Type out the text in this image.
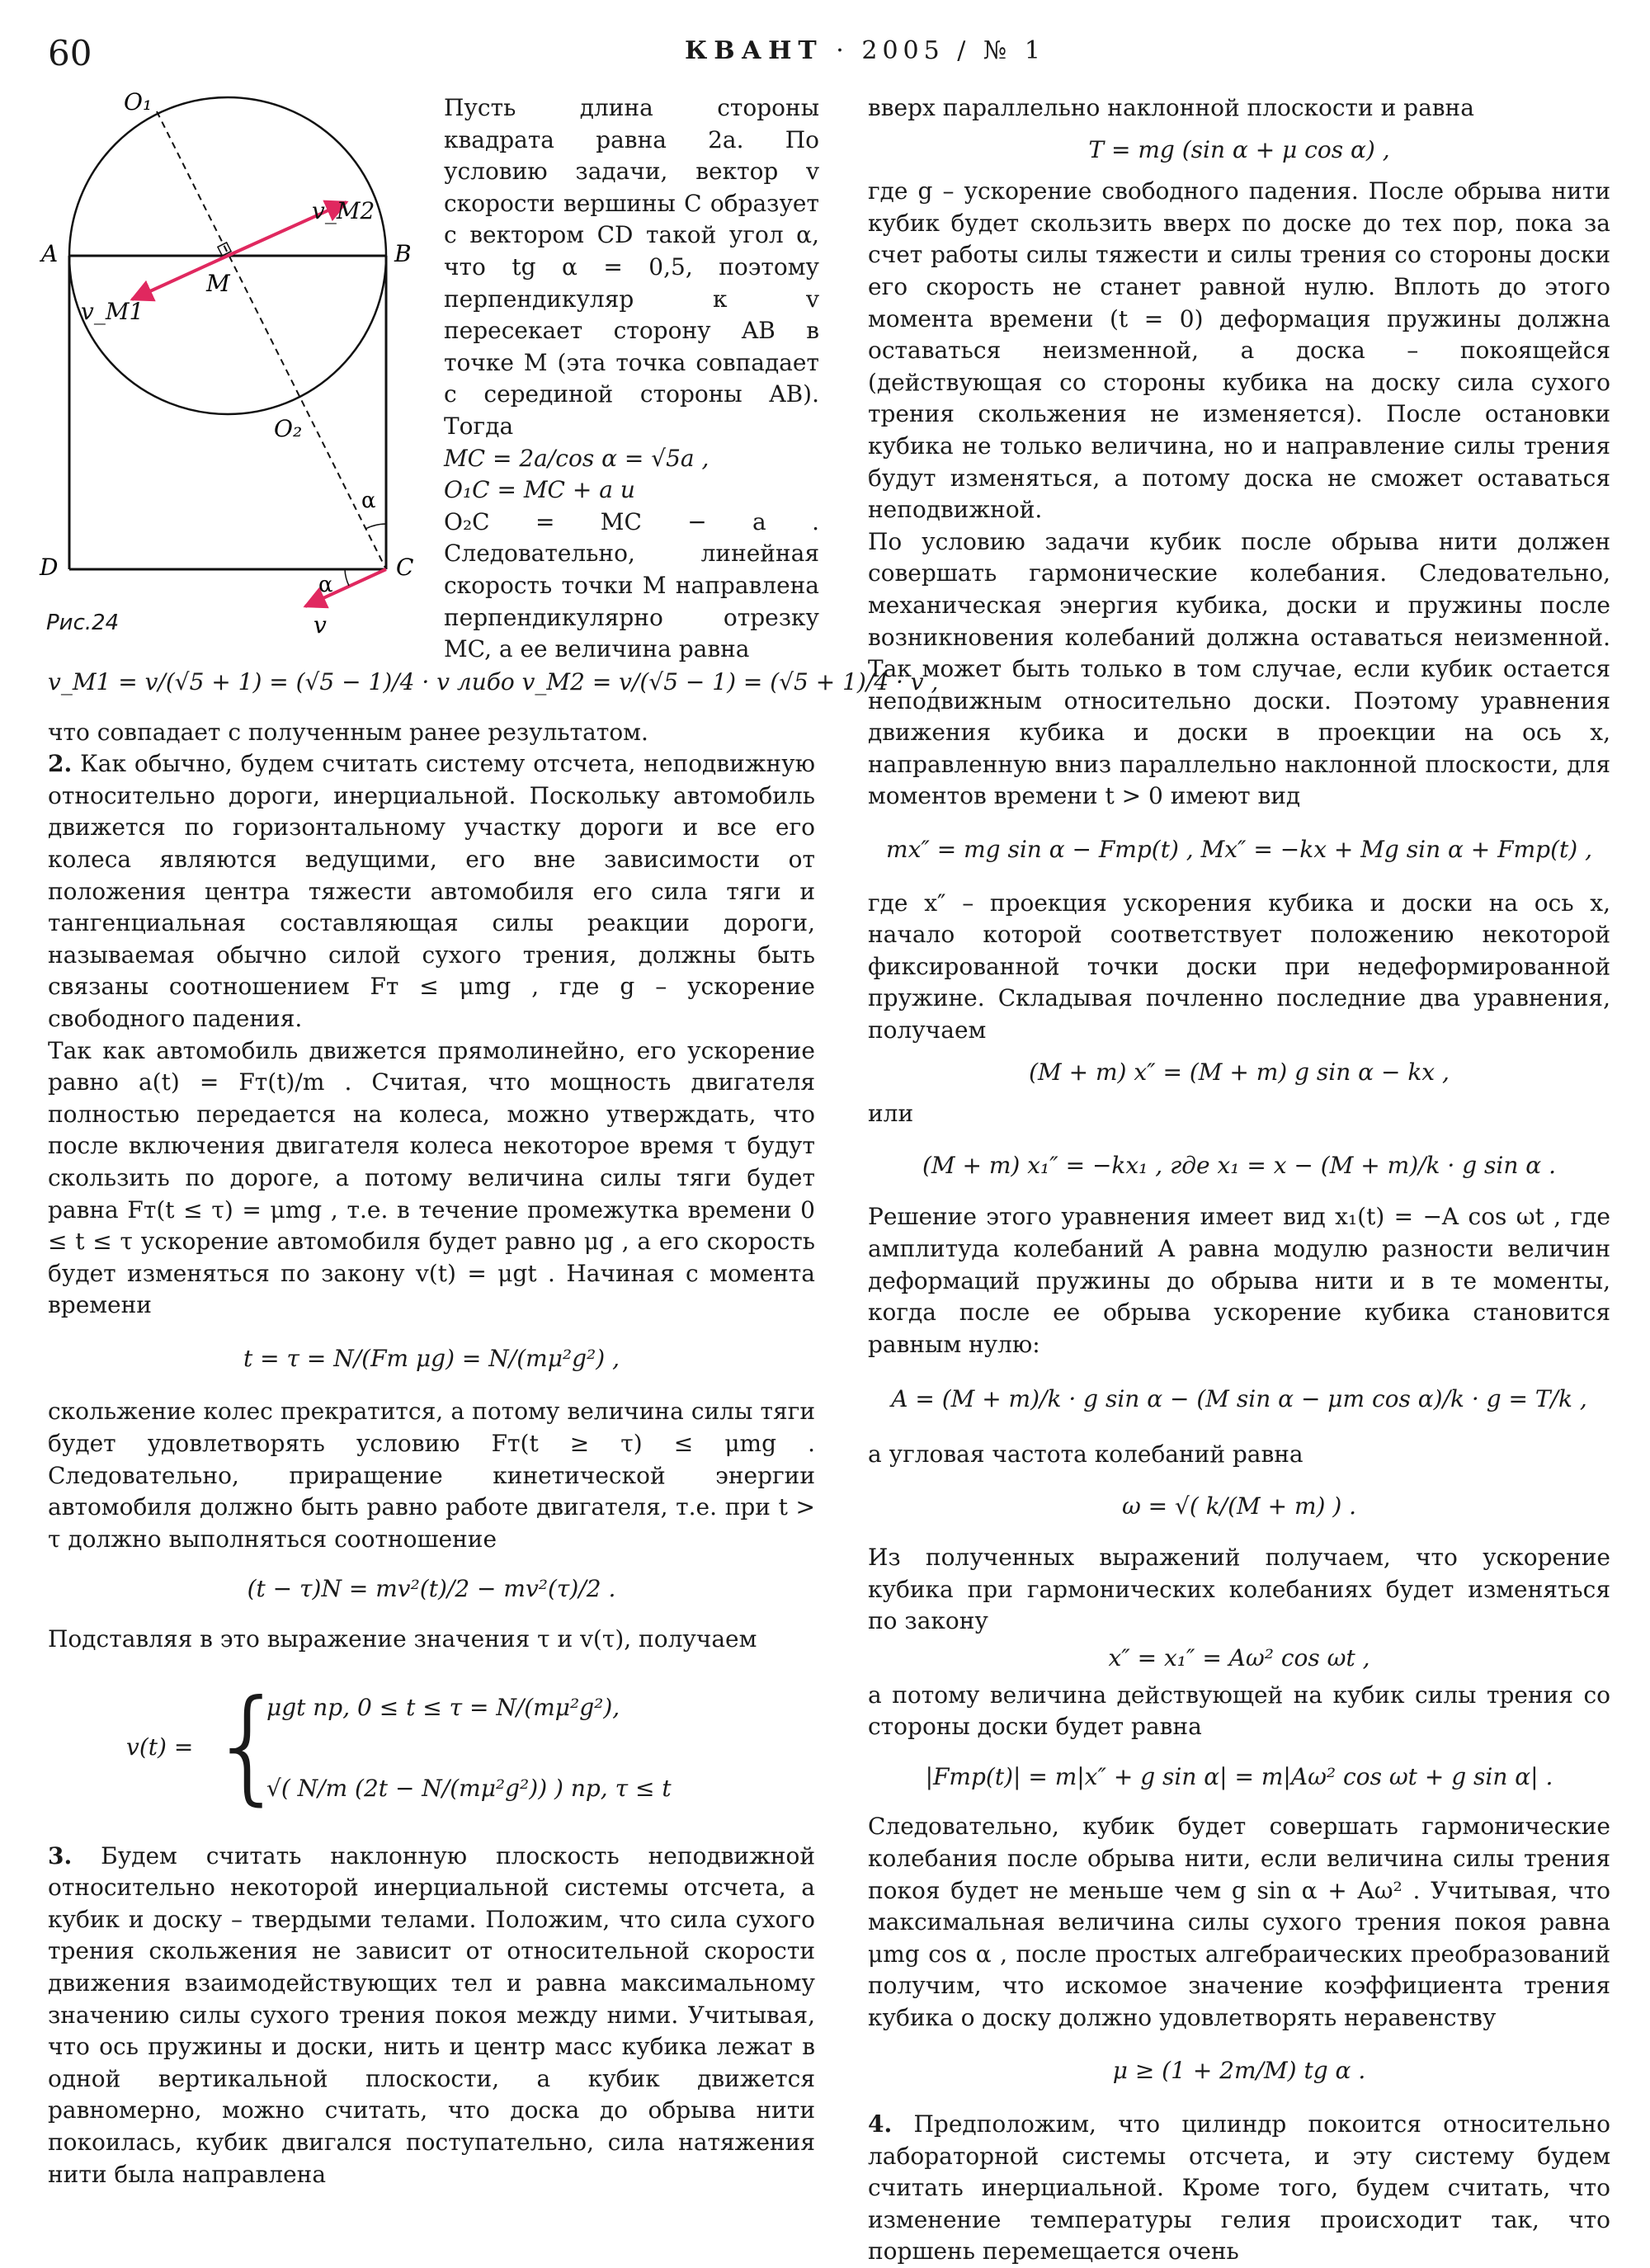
60	КВАНТ · 2005 / № 1
O₁
A	B
M
v_M2
v_M1
O₂
α
D	C
α
v
Рис.24

Пусть длина стороны квадрата равна 2a. По условию задачи, вектор v скорости вершины C образует с вектором CD такой угол α, что tg α = 0,5, поэтому перпендикуляр к v пересекает сторону AB в точке M (эта точка совпадает с серединой стороны AB). Тогда

MC = 2a/cos α = √5a ,

O₁C = MC + a и

O₂C = MC − a . Следовательно, линейная скорость точки M направлена перпендикулярно отрезку MC, а ее величина равна

v_M1 = v/(√5 + 1) = (√5 − 1)/4 · v либо v_M2 = v/(√5 − 1) = (√5 + 1)/4 · v ,

что совпадает с полученным ранее результатом.

2. Как обычно, будем считать систему отсчета, неподвижную относительно дороги, инерциальной. Поскольку автомобиль движется по горизонтальному участку дороги и все его колеса являются ведущими, его вне зависимости от положения центра тяжести автомобиля его сила тяги и тангенциальная составляющая силы реакции дороги, называемая обычно силой сухого трения, должны быть связаны соотношением Fт ≤ μmg , где g – ускорение свободного падения.

Так как автомобиль движется прямолинейно, его ускорение равно a(t) = Fт(t)/m . Считая, что мощность двигателя полностью передается на колеса, можно утверждать, что после включения двигателя колеса некоторое время τ будут скользить по дороге, а потому величина силы тяги будет равна Fт(t ≤ τ) = μmg , т.е. в течение промежутка времени 0 ≤ t ≤ τ ускорение автомобиля будет равно μg , а его скорость будет изменяться по закону v(t) = μgt . Начиная с момента времени

t = τ = N/(Fт μg) = N/(mμ²g²) ,

скольжение колес прекратится, а потому величина силы тяги будет удовлетворять условию Fт(t ≥ τ) ≤ μmg . Следовательно, приращение кинетической энергии автомобиля должно быть равно работе двигателя, т.е. при t > τ должно выполняться соотношение

(t − τ)N = mv²(t)/2 − mv²(τ)/2 .

Подставляя в это выражение значения τ и v(τ), получаем

v(t) = {
μgt пр, 0 ≤ t ≤ τ = N/(mμ²g²),
√( N/m (2t − N/(mμ²g²)) ) пр, τ ≤ t

3. Будем считать наклонную плоскость неподвижной относительно некоторой инерциальной системы отсчета, а кубик и доску – твердыми телами. Положим, что сила сухого трения скольжения не зависит от относительной скорости движения взаимодействующих тел и равна максимальному значению силы сухого трения покоя между ними. Учитывая, что ось пружины и доски, нить и центр масс кубика лежат в одной вертикальной плоскости, а кубик движется равномерно, можно считать, что доска до обрыва нити покоилась, кубик двигался поступательно, сила натяжения нити была направлена

вверх параллельно наклонной плоскости и равна

T = mg (sin α + μ cos α) ,

где g – ускорение свободного падения. После обрыва нити кубик будет скользить вверх по доске до тех пор, пока за счет работы силы тяжести и силы трения со стороны доски его скорость не станет равной нулю. Вплоть до этого момента времени (t = 0) деформация пружины должна оставаться неизменной, а доска – покоящейся (действующая со стороны кубика на доску сила сухого трения скольжения не изменяется). После остановки кубика не только величина, но и направление силы трения будут изменяться, а потому доска не сможет оставаться неподвижной.

По условию задачи кубик после обрыва нити должен совершать гармонические колебания. Следовательно, механическая энергия кубика, доски и пружины после возникновения колебаний должна оставаться неизменной. Так может быть только в том случае, если кубик остается неподвижным относительно доски. Поэтому уравнения движения кубика и доски в проекции на ось x, направленную вниз параллельно наклонной плоскости, для моментов времени t > 0 имеют вид

mx″ = mg sin α − Fтр(t) , Mx″ = −kx + Mg sin α + Fтр(t) ,

где x″ – проекция ускорения кубика и доски на ось x, начало которой соответствует положению некоторой фиксированной точки доски при недеформированной пружине. Складывая почленно последние два уравнения, получаем

(M + m) x″ = (M + m) g sin α − kx ,

или

(M + m) x₁″ = −kx₁ , где x₁ = x − (M + m)/k · g sin α .

Решение этого уравнения имеет вид x₁(t) = −A cos ωt , где амплитуда колебаний A равна модулю разности величин деформаций пружины до обрыва нити и в те моменты, когда после ее обрыва ускорение кубика становится равным нулю:

A = (M + m)/k · g sin α − (M sin α − μm cos α)/k · g = T/k ,

а угловая частота колебаний равна

ω = √( k/(M + m) ) .

Из полученных выражений получаем, что ускорение кубика при гармонических колебаниях будет изменяться по закону

x″ = x₁″ = Aω² cos ωt ,

а потому величина действующей на кубик силы трения со стороны доски будет равна

|Fтр(t)| = m|x″ + g sin α| = m|Aω² cos ωt + g sin α| .

Следовательно, кубик будет совершать гармонические колебания после обрыва нити, если величина силы трения покоя будет не меньше чем g sin α + Aω² . Учитывая, что максимальная величина силы сухого трения покоя равна μmg cos α , после простых алгебраических преобразований получим, что искомое значение коэффициента трения кубика о доску должно удовлетворять неравенству

μ ≥ (1 + 2m/M) tg α .

4. Предположим, что цилиндр покоится относительно лабораторной системы отсчета, и эту систему будем считать инерциальной. Кроме того, будем считать, что изменение температуры гелия происходит так, что поршень перемещается очень
